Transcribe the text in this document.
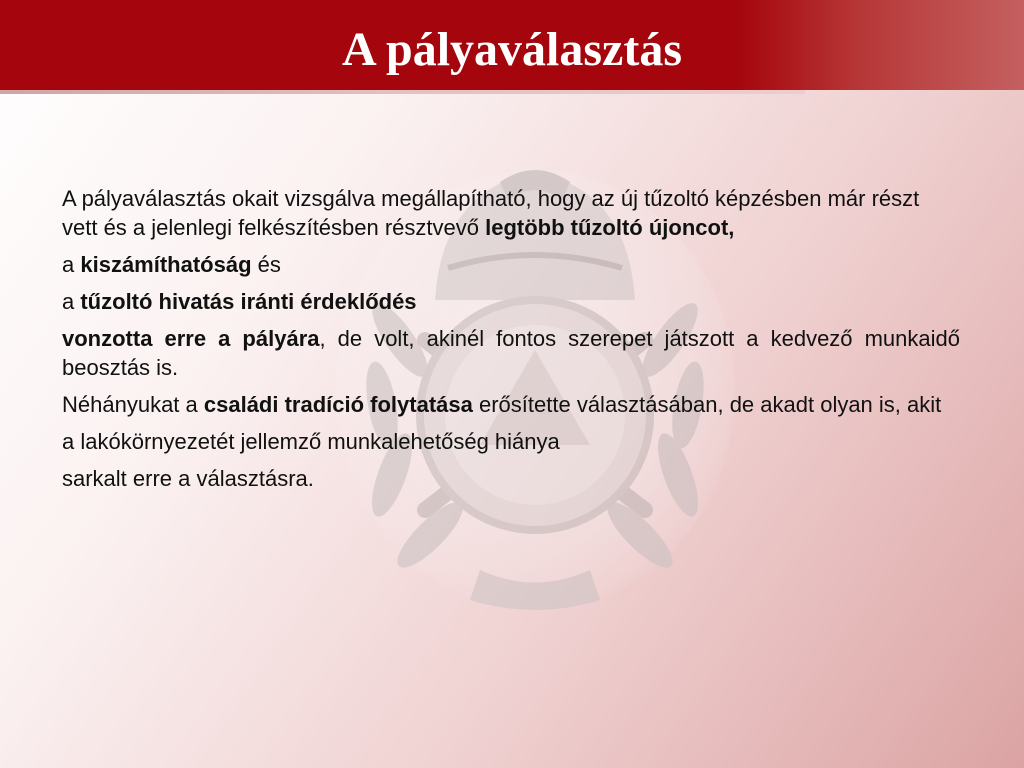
A pályaválasztás

A pályaválasztás okait vizsgálva megállapítható, hogy az új tűzoltó képzésben már részt vett és a jelenlegi felkészítésben résztvevő legtöbb tűzoltó újoncot,

a kiszámíthatóság és

a tűzoltó hivatás iránti érdeklődés

vonzotta erre a pályára, de volt, akinél fontos szerepet játszott a kedvező munkaidő beosztás is.

Néhányukat a családi tradíció folytatása erősítette választásában, de akadt olyan is, akit

a lakókörnyezetét jellemző munkalehetőség hiánya

sarkalt erre a választásra.
